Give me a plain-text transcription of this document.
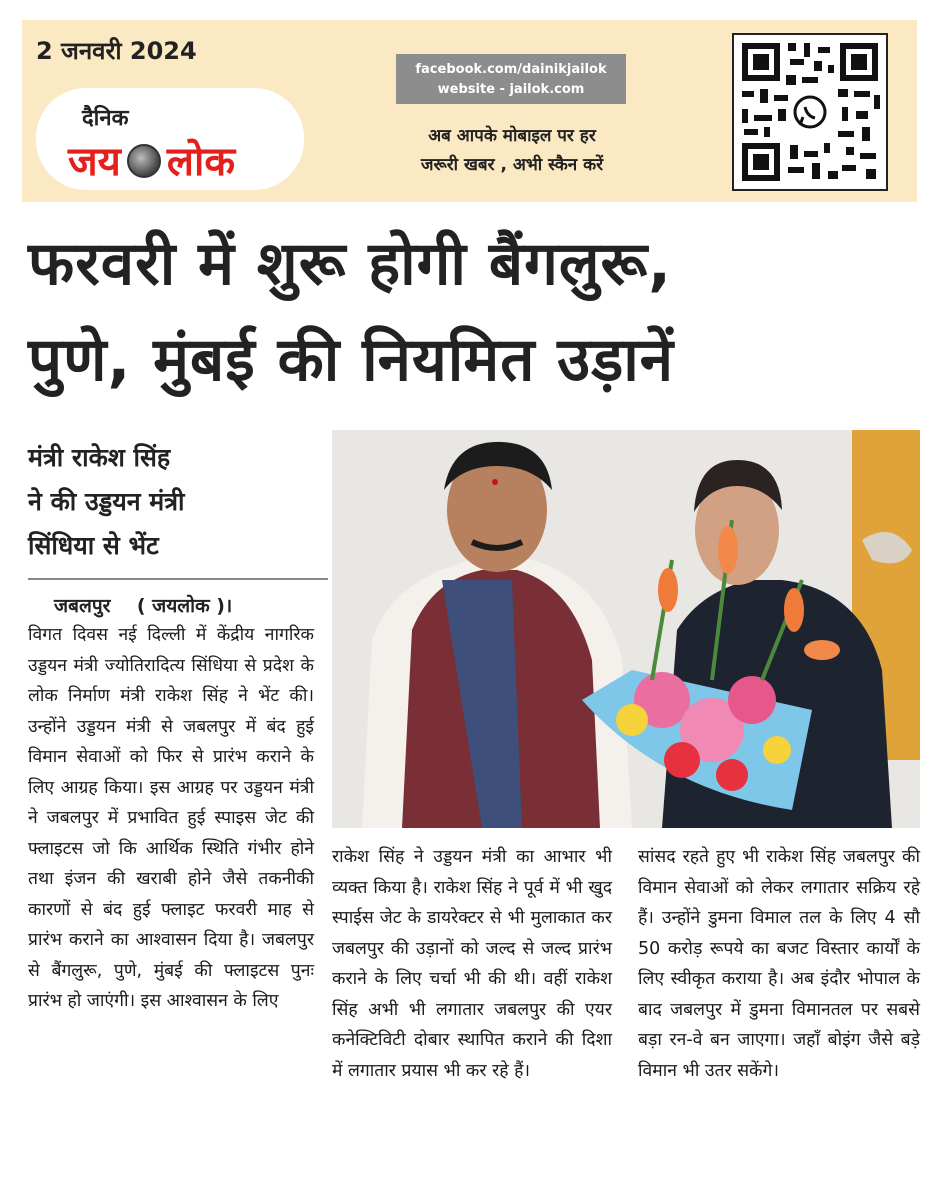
2 जनवरी 2024
दैनिक
जय लोक
facebook.com/dainikjailok
website - jailok.com
अब आपके मोबाइल पर हर
जरूरी खबर , अभी स्कैन करें
फरवरी में शुरू होगी बैंगलुरू,
पुणे, मुंबई की नियमित उड़ानें
मंत्री राकेश सिंह
ने की उड्डयन मंत्री
सिंधिया से भेंट
जबलपुर    ( जयलोक )।
विगत दिवस नई दिल्ली में केंद्रीय नागरिक उड्डयन मंत्री ज्योतिरादित्य सिंधिया से प्रदेश के लोक निर्माण मंत्री राकेश सिंह ने भेंट की। उन्होंने उड्डयन मंत्री से जबलपुर में बंद हुई विमान सेवाओं को फिर से प्रारंभ कराने के लिए आग्रह किया। इस आग्रह पर उड्डयन मंत्री ने जबलपुर में प्रभावित हुई स्पाइस जेट की फ्लाइटस जो कि आर्थिक स्थिति गंभीर होने तथा इंजन की खराबी होने जैसे तकनीकी कारणों से बंद हुई फ्लाइट फरवरी माह से प्रारंभ कराने का आश्वासन दिया है। जबलपुर से बैंगलुरू, पुणे, मुंबई की फ्लाइटस पुनः प्रारंभ हो जाएंगी। इस आश्वासन के लिए
राकेश सिंह ने उड्डयन मंत्री का आभार भी व्यक्त किया है। राकेश सिंह ने पूर्व में भी खुद स्पाईस जेट के डायरेक्टर से भी मुलाकात कर जबलपुर की उड़ानों को जल्द से जल्द प्रारंभ कराने के लिए चर्चा भी की थी। वहीं राकेश सिंह अभी भी लगातार जबलपुर की एयर कनेक्टिविटी दोबार स्थापित कराने की दिशा में लगातार प्रयास भी कर रहे हैं।
सांसद रहते हुए भी राकेश सिंह जबलपुर की विमान सेवाओं को लेकर लगातार सक्रिय रहे हैं। उन्होंने डुमना विमाल तल के लिए 4 सौ 50 करोड़ रूपये का बजट विस्तार कार्यों के लिए स्वीकृत कराया है। अब इंदौर भोपाल के बाद जबलपुर में डुमना विमानतल पर सबसे बड़ा रन-वे बन जाएगा। जहाँ बोइंग जैसे बड़े विमान भी उतर सकेंगे।
